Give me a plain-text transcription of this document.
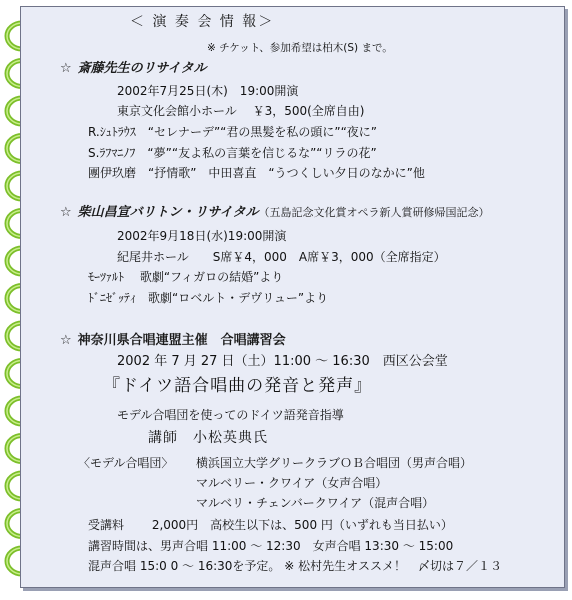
＜ 演 奏 会 情 報＞
※ チケット、参加希望は柏木(S) まで。
☆ 斎藤先生のリサイタル
2002年7月25日(木)　19:00開演
東京文化会館小ホール　 ￥3，500(全席自由)
R.ｼｭﾄﾗｳｽ　“セレナーデ”“君の黒髪を私の頭に”“夜に”
S.ﾗﾌﾏﾆﾉﾌ　“夢”“友よ私の言葉を信じるな”“リラの花”
團伊玖磨　“抒情歌”　中田喜直　“うつくしい夕日のなかに”他
☆ 柴山昌宣バリトン・リサイタル（五島記念文化賞オペラ新人賞研修帰国記念）
2002年9月18日(水)19:00開演
紀尾井ホール　　S席￥4，000　A席￥3，000（全席指定）
ﾓｰﾂｧﾙﾄ　 歌劇“フィガロの結婚”より
ﾄﾞﾆｾﾞｯﾃｨ　歌劇“ロベルト・デヴリュー”より
☆ 神奈川県合唱連盟主催　合唱講習会
2002 年 7 月 27 日（土）11:00 ～ 16:30　西区公会堂
『ドイツ語合唱曲の発音と発声』
モデル合唱団を使ってのドイツ語発音指導
講師　小松英典氏
〈モデル合唱団〉 横浜国立大学グリークラブＯＢ合唱団（男声合唱）
マルベリー・クワイア（女声合唱）
マルベリ・チェンバークワイア（混声合唱）
受講料　　 2,000円　高校生以下は、500 円（いずれも当日払い）
講習時間は、男声合唱 11:00 ～ 12:30　女声合唱 13:30 ～ 15:00
混声合唱 15:0 0 ～ 16:30を予定。 ※ 松村先生オススメ！　〆切は７／１３
